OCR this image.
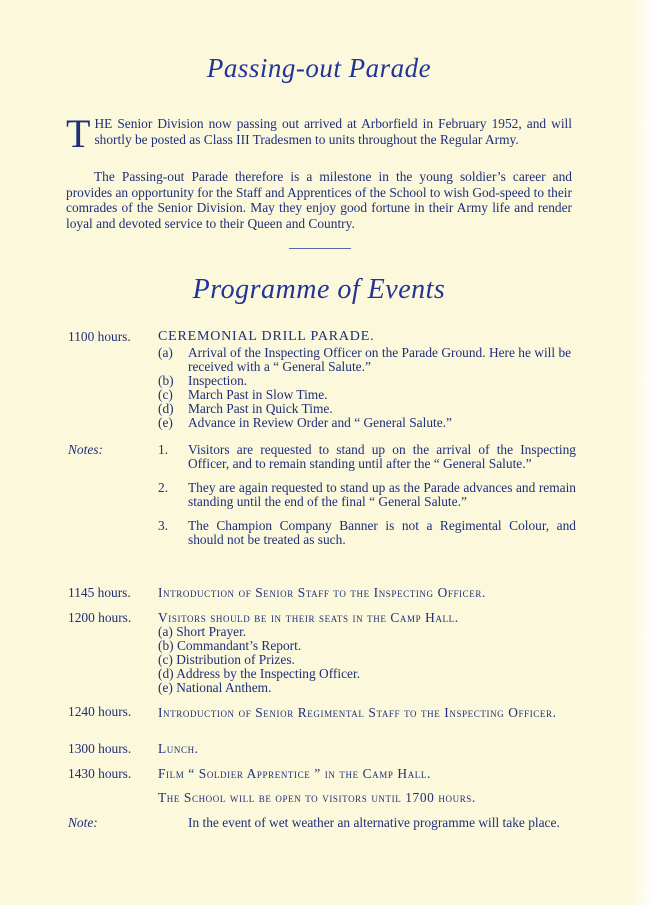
Passing-out Parade
T HE Senior Division now passing out arrived at Arborfield in February 1952, and will shortly be posted as Class III Tradesmen to units throughout the Regular Army.
The Passing-out Parade therefore is a milestone in the young soldier’s career and provides an opportunity for the Staff and Apprentices of the School to wish God-speed to their comrades of the Senior Division. May they enjoy good fortune in their Army life and render loyal and devoted service to their Queen and Country.
Programme of Events
1100 hours.	CEREMONIAL DRILL PARADE.
(a) Arrival of the Inspecting Officer on the Parade Ground. Here he will be received with a “ General Salute.”
(b) Inspection.
(c) March Past in Slow Time.
(d) March Past in Quick Time.
(e) Advance in Review Order and “ General Salute.”
Notes:	1. Visitors are requested to stand up on the arrival of the Inspecting Officer, and to remain standing until after the “ General Salute.”
2. They are again requested to stand up as the Parade advances and remain standing until the end of the final “ General Salute.”
3. The Champion Company Banner is not a Regimental Colour, and should not be treated as such.
1145 hours.	Introduction of Senior Staff to the Inspecting Officer.
1200 hours.	Visitors should be in their seats in the Camp Hall.
(a) Short Prayer.
(b) Commandant’s Report.
(c) Distribution of Prizes.
(d) Address by the Inspecting Officer.
(e) National Anthem.
1240 hours.	Introduction of Senior Regimental Staff to the Inspecting Officer.
1300 hours.	Lunch.
1430 hours.	Film “ Soldier Apprentice ” in the Camp Hall.
The School will be open to visitors until 1700 hours.
Note:	In the event of wet weather an alternative programme will take place.
